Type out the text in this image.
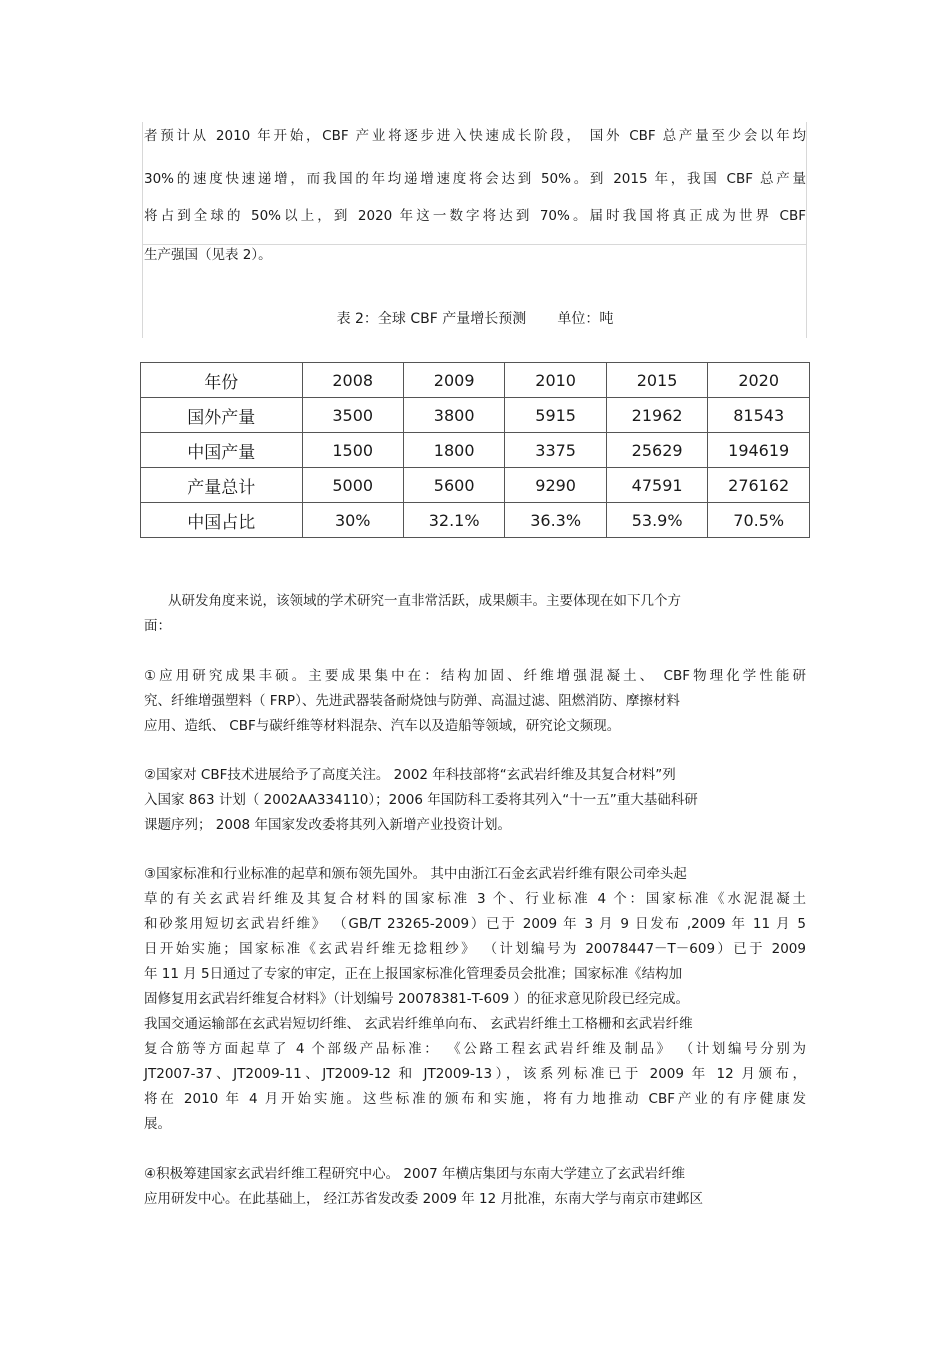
者预计从 2010 年开始，CBF 产业将逐步进入快速成长阶段， 国外 CBF 总产量至少会以年均
30%的速度快速递增，而我国的年均递增速度将会达到 50%。到 2015 年，我国 CBF 总产量
将占到全球的 50%以上，到 2020 年这一数字将达到 70%。届时我国将真正成为世界 CBF
生产强国（见表 2）。
表 2：全球 CBF 产量增长预测       单位：吨
年份	2008	2009	2010	2015	2020
国外产量	3500	3800	5915	21962	81543
中国产量	1500	1800	3375	25629	194619
产量总计	5000	5600	9290	47591	276162
中国占比	30%	32.1%	36.3%	53.9%	70.5%
从研发角度来说，该领域的学术研究一直非常活跃，成果颇丰。主要体现在如下几个方
面：
①应用研究成果丰硕。主要成果集中在：结构加固、纤维增强混凝土、 CBF物理化学性能研
究、纤维增强塑料（ FRP）、先进武器装备耐烧蚀与防弹、高温过滤、阻燃消防、摩擦材料
应用、造纸、 CBF与碳纤维等材料混杂、汽车以及造船等领域，研究论文频现。
②国家对 CBF技术进展给予了高度关注。 2002 年科技部将“玄武岩纤维及其复合材料”列
入国家 863 计划（ 2002AA334110）；2006 年国防科工委将其列入“十一五”重大基础科研
课题序列； 2008 年国家发改委将其列入新增产业投资计划。
③国家标准和行业标准的起草和颁布领先国外。 其中由浙江石金玄武岩纤维有限公司牵头起
草的有关玄武岩纤维及其复合材料的国家标准 3 个、行业标准 4 个：国家标准《水泥混凝土
和砂浆用短切玄武岩纤维》 （GB/T 23265-2009）已于 2009 年 3 月 9 日发布 ,2009 年 11 月 5
日开始实施；国家标准《玄武岩纤维无捻粗纱》 （计划编号为 20078447－T－609）已于 2009
年 11 月 5日通过了专家的审定，正在上报国家标准化管理委员会批准；国家标准《结构加
固修复用玄武岩纤维复合材料》（计划编号 20078381-T-609 ）的征求意见阶段已经完成。
我国交通运输部在玄武岩短切纤维、 玄武岩纤维单向布、 玄武岩纤维土工格栅和玄武岩纤维
复合筋等方面起草了 4 个部级产品标准： 《公路工程玄武岩纤维及制品》 （计划编号分别为
JT2007-37、JT2009-11、JT2009-12 和 JT2009-13），该系列标准已于 2009 年 12 月颁布，
将在 2010 年 4 月开始实施。这些标准的颁布和实施，将有力地推动 CBF产业的有序健康发
展。
④积极筹建国家玄武岩纤维工程研究中心。 2007 年横店集团与东南大学建立了玄武岩纤维
应用研发中心。在此基础上， 经江苏省发改委 2009 年 12 月批准，东南大学与南京市建邺区
